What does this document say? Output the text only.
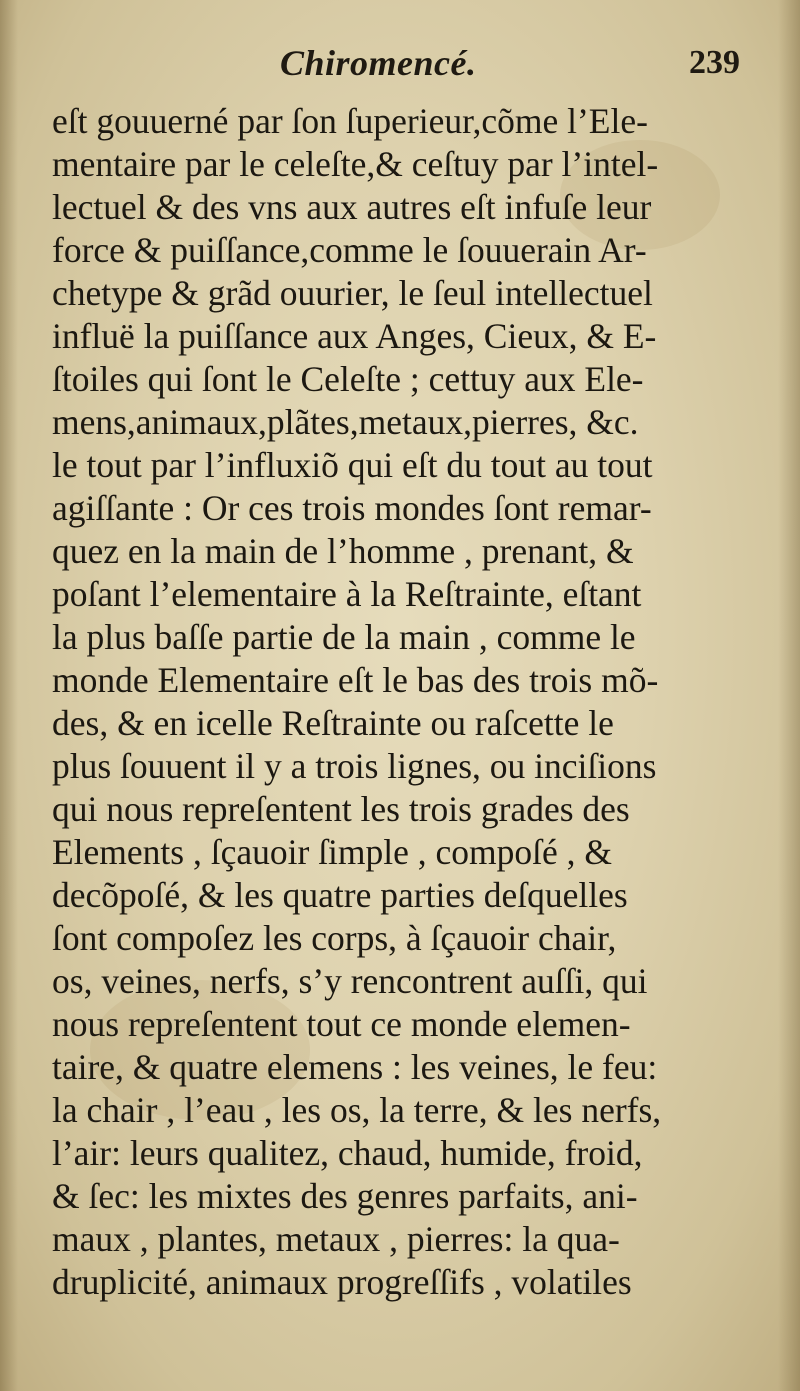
Chiromencé.	239
eſt gouuerné par ſon ſuperieur,cõme l’Ele-
mentaire par le celeſte,& ceſtuy par l’intel-
lectuel & des vns aux autres eſt infuſe leur
force & puiſſance,comme le ſouuerain Ar-
chetype & grãd ouurier, le ſeul intellectuel
influë la puiſſance aux Anges, Cieux, & E-
ſtoiles qui ſont le Celeſte ; cettuy aux Ele-
mens,animaux,plãtes,metaux,pierres, &c.
le tout par l’influxiõ qui eſt du tout au tout
agiſſante : Or ces trois mondes ſont remar-
quez en la main de l’homme , prenant, &
poſant l’elementaire à la Reſtrainte, eſtant
la plus baſſe partie de la main , comme le
monde Elementaire eſt le bas des trois mõ-
des, & en icelle Reſtrainte ou raſcette le
plus ſouuent il y a trois lignes, ou inciſions
qui nous repreſentent les trois grades des
Elements , ſçauoir ſimple , compoſé , &
decõpoſé, & les quatre parties deſquelles
ſont compoſez les corps, à ſçauoir chair,
os, veines, nerfs, s’y rencontrent auſſi, qui
nous repreſentent tout ce monde elemen-
taire, & quatre elemens : les veines, le feu:
la chair , l’eau , les os, la terre, & les nerfs,
l’air: leurs qualitez, chaud, humide, froid,
& ſec: les mixtes des genres parfaits, ani-
maux , plantes, metaux , pierres: la qua-
druplicité, animaux progreſſifs , volatiles
